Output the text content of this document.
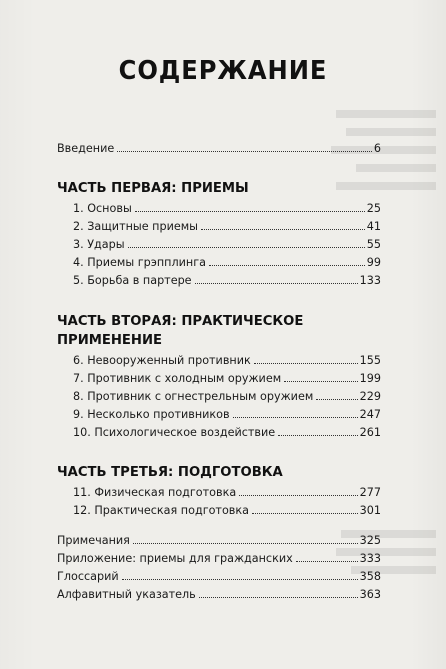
СОДЕРЖАНИЕ
Введение	6
ЧАСТЬ ПЕРВАЯ: ПРИЕМЫ
1. Основы	25
2. Защитные приемы	41
3. Удары	55
4. Приемы грэпплинга	99
5. Борьба в партере	133
ЧАСТЬ ВТОРАЯ: ПРАКТИЧЕСКОЕ
ПРИМЕНЕНИЕ
6. Невооруженный противник	155
7. Противник с холодным оружием	199
8. Противник с огнестрельным оружием	229
9. Несколько противников	247
10. Психологическое воздействие	261
ЧАСТЬ ТРЕТЬЯ: ПОДГОТОВКА
11. Физическая подготовка	277
12. Практическая подготовка	301
Примечания	325
Приложение: приемы для гражданских	333
Глоссарий	358
Алфавитный указатель	363
